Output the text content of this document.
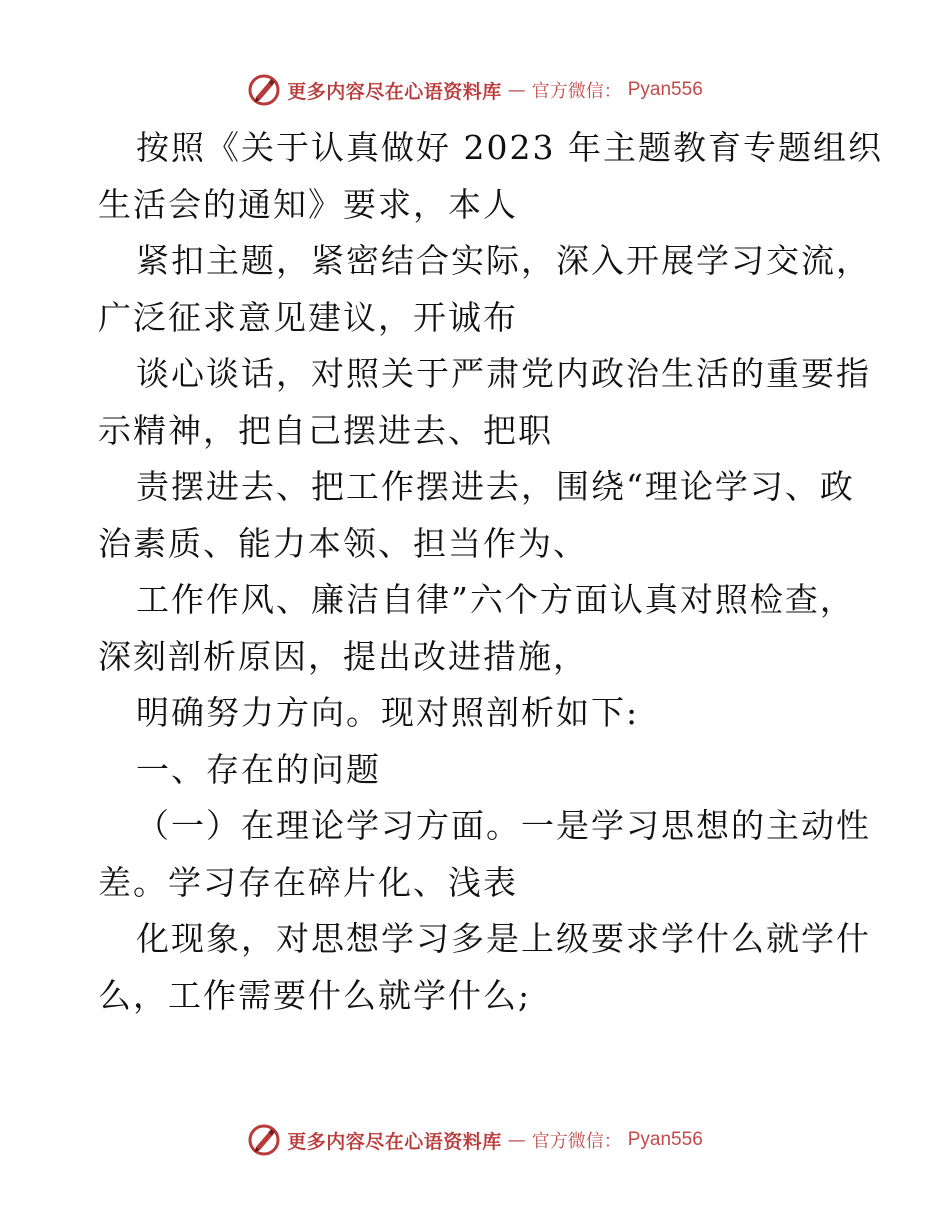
更多内容尽在心语资料库 — 官方微信： Pyan556
按照《关于认真做好 2023 年主题教育专题组织
生活会的通知》要求，本人
紧扣主题，紧密结合实际，深入开展学习交流，
广泛征求意见建议，开诚布
谈心谈话，对照关于严肃党内政治生活的重要指
示精神，把自己摆进去、把职
责摆进去、把工作摆进去，围绕“理论学习、政
治素质、能力本领、担当作为、
工作作风、廉洁自律”六个方面认真对照检查，
深刻剖析原因，提出改进措施，
明确努力方向。现对照剖析如下:
一、存在的问题
（一）在理论学习方面。一是学习思想的主动性
差。学习存在碎片化、浅表
化现象，对思想学习多是上级要求学什么就学什
么，工作需要什么就学什么;
更多内容尽在心语资料库 — 官方微信： Pyan556
